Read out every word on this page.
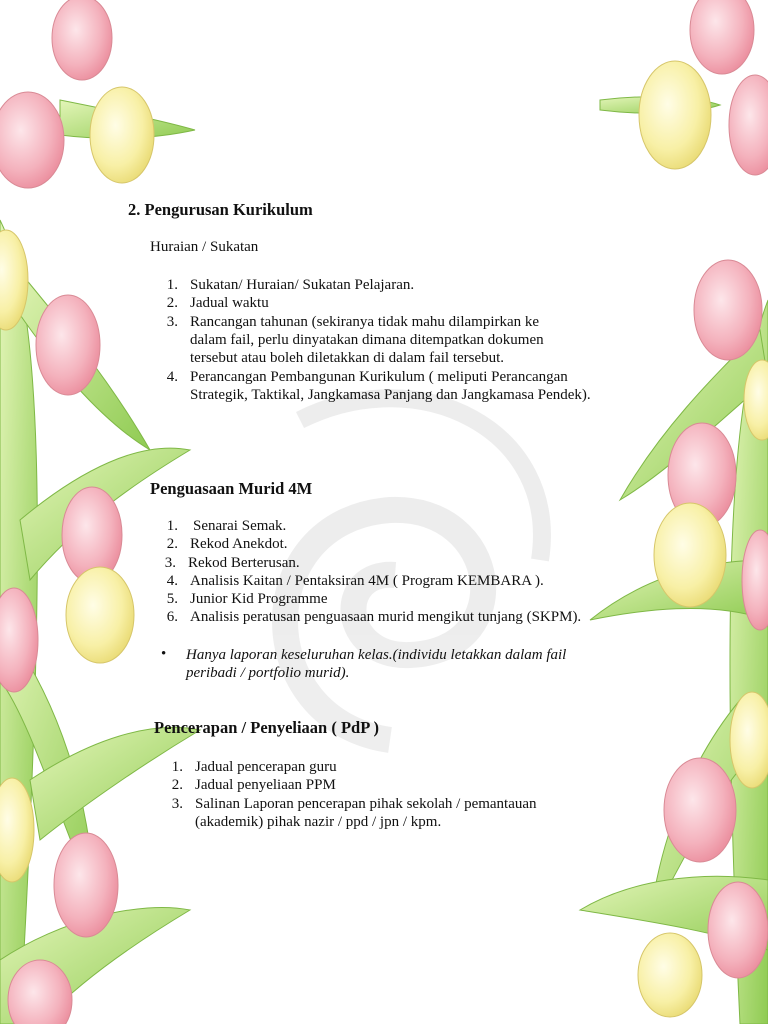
2. Pengurusan Kurikulum
Huraian / Sukatan
1. Sukatan/ Huraian/ Sukatan Pelajaran.
2. Jadual waktu
3. Rancangan tahunan (sekiranya tidak mahu dilampirkan ke
dalam fail, perlu dinyatakan dimana ditempatkan dokumen
tersebut atau boleh diletakkan di dalam fail tersebut.
4. Perancangan Pembangunan Kurikulum ( meliputi Perancangan
Strategik, Taktikal, Jangkamasa Panjang dan Jangkamasa Pendek).
Penguasaan Murid 4M
1. Senarai Semak.
2. Rekod Anekdot.
3. Rekod Berterusan.
4. Analisis Kaitan / Pentaksiran 4M ( Program KEMBARA ).
5. Junior Kid Programme
6. Analisis peratusan penguasaan murid mengikut tunjang (SKPM).
• Hanya laporan keseluruhan kelas.(individu letakkan dalam fail
peribadi / portfolio murid).
Pencerapan / Penyeliaan ( PdP )
1. Jadual pencerapan guru
2. Jadual penyeliaan PPM
3. Salinan Laporan pencerapan pihak sekolah / pemantauan
(akademik) pihak nazir / ppd / jpn / kpm.
